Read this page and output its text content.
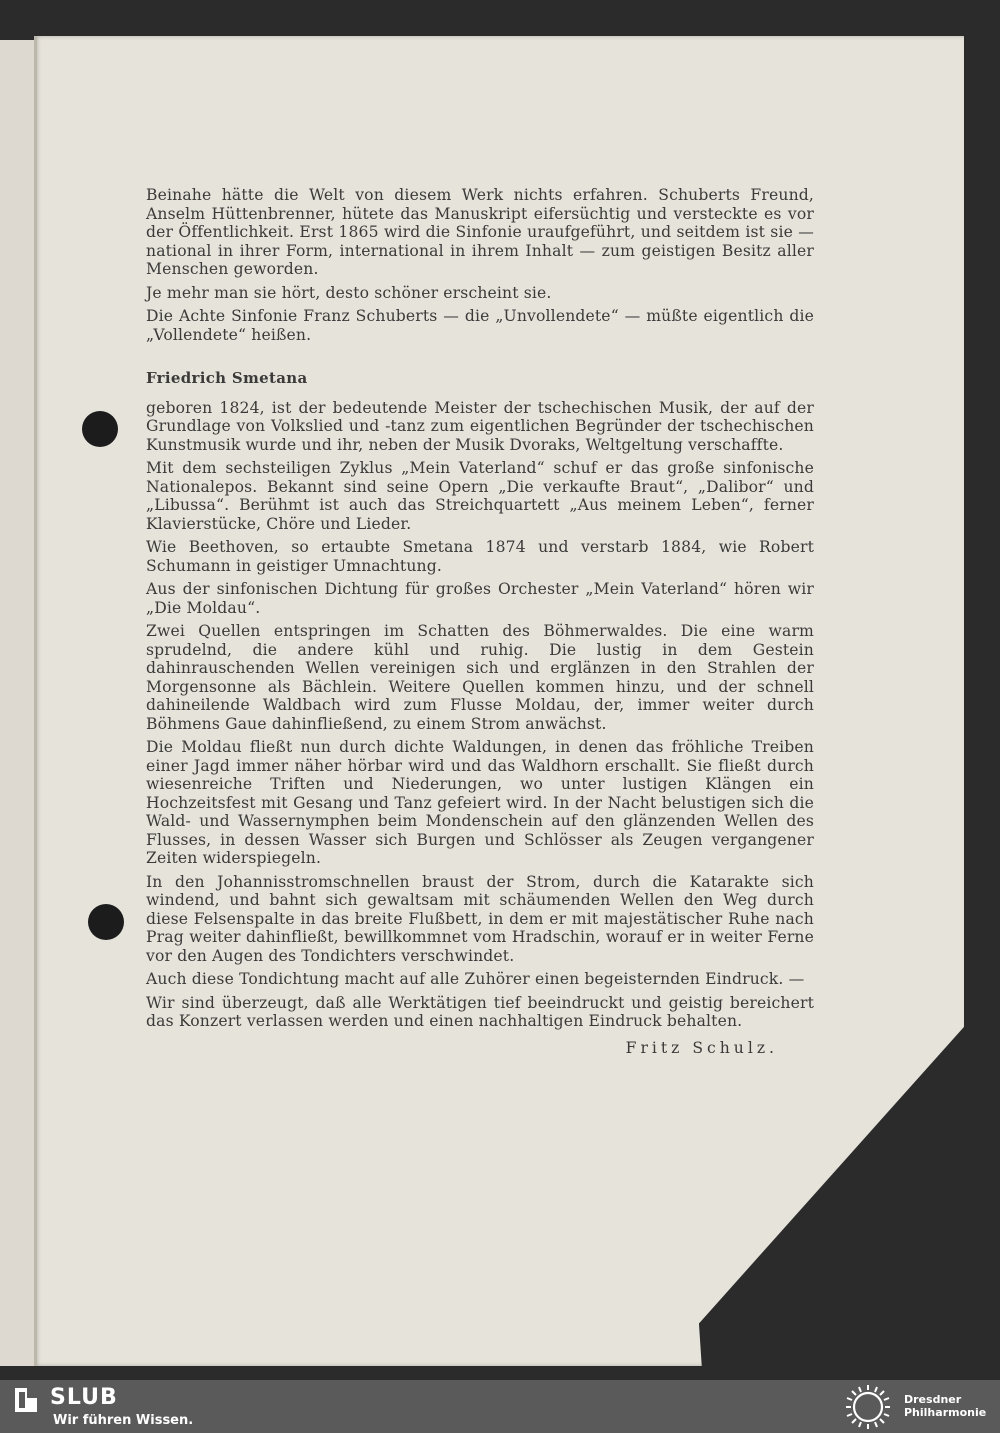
Beinahe hätte die Welt von diesem Werk nichts erfahren. Schuberts Freund, Anselm Hüttenbrenner, hütete das Manuskript eifersüchtig und versteckte es vor der Öffentlichkeit. Erst 1865 wird die Sinfonie uraufgeführt, und seitdem ist sie — national in ihrer Form, international in ihrem Inhalt — zum geistigen Besitz aller Menschen geworden.

Je mehr man sie hört, desto schöner erscheint sie.

Die Achte Sinfonie Franz Schuberts — die „Unvollendete“ — müßte eigentlich die „Vollendete“ heißen.

Friedrich Smetana

geboren 1824, ist der bedeutende Meister der tschechischen Musik, der auf der Grundlage von Volkslied und -tanz zum eigentlichen Begründer der tschechischen Kunstmusik wurde und ihr, neben der Musik Dvoraks, Weltgeltung verschaffte.

Mit dem sechsteiligen Zyklus „Mein Vaterland“ schuf er das große sinfonische Nationalepos. Bekannt sind seine Opern „Die verkaufte Braut“, „Dalibor“ und „Libussa“. Berühmt ist auch das Streichquartett „Aus meinem Leben“, ferner Klavierstücke, Chöre und Lieder.

Wie Beethoven, so ertaubte Smetana 1874 und verstarb 1884, wie Robert Schumann in geistiger Umnachtung.

Aus der sinfonischen Dichtung für großes Orchester „Mein Vaterland“ hören wir „Die Moldau“.

Zwei Quellen entspringen im Schatten des Böhmerwaldes. Die eine warm sprudelnd, die andere kühl und ruhig. Die lustig in dem Gestein dahinrauschenden Wellen vereinigen sich und erglänzen in den Strahlen der Morgensonne als Bächlein. Weitere Quellen kommen hinzu, und der schnell dahineilende Waldbach wird zum Flusse Moldau, der, immer weiter durch Böhmens Gaue dahinfließend, zu einem Strom anwächst.

Die Moldau fließt nun durch dichte Waldungen, in denen das fröhliche Treiben einer Jagd immer näher hörbar wird und das Waldhorn erschallt. Sie fließt durch wiesenreiche Triften und Niederungen, wo unter lustigen Klängen ein Hochzeitsfest mit Gesang und Tanz gefeiert wird. In der Nacht belustigen sich die Wald- und Wassernymphen beim Mondenschein auf den glänzenden Wellen des Flusses, in dessen Wasser sich Burgen und Schlösser als Zeugen vergangener Zeiten widerspiegeln.

In den Johannisstromschnellen braust der Strom, durch die Katarakte sich windend, und bahnt sich gewaltsam mit schäumenden Wellen den Weg durch diese Felsenspalte in das breite Flußbett, in dem er mit majestätischer Ruhe nach Prag weiter dahinfließt, bewillkommnet vom Hradschin, worauf er in weiter Ferne vor den Augen des Tondichters verschwindet.

Auch diese Tondichtung macht auf alle Zuhörer einen begeisternden Eindruck. —

Wir sind überzeugt, daß alle Werktätigen tief beeindruckt und geistig bereichert das Konzert verlassen werden und einen nachhaltigen Eindruck behalten.

Fritz Schulz.

SLUB
Wir führen Wissen.
Dresdner
Philharmonie
